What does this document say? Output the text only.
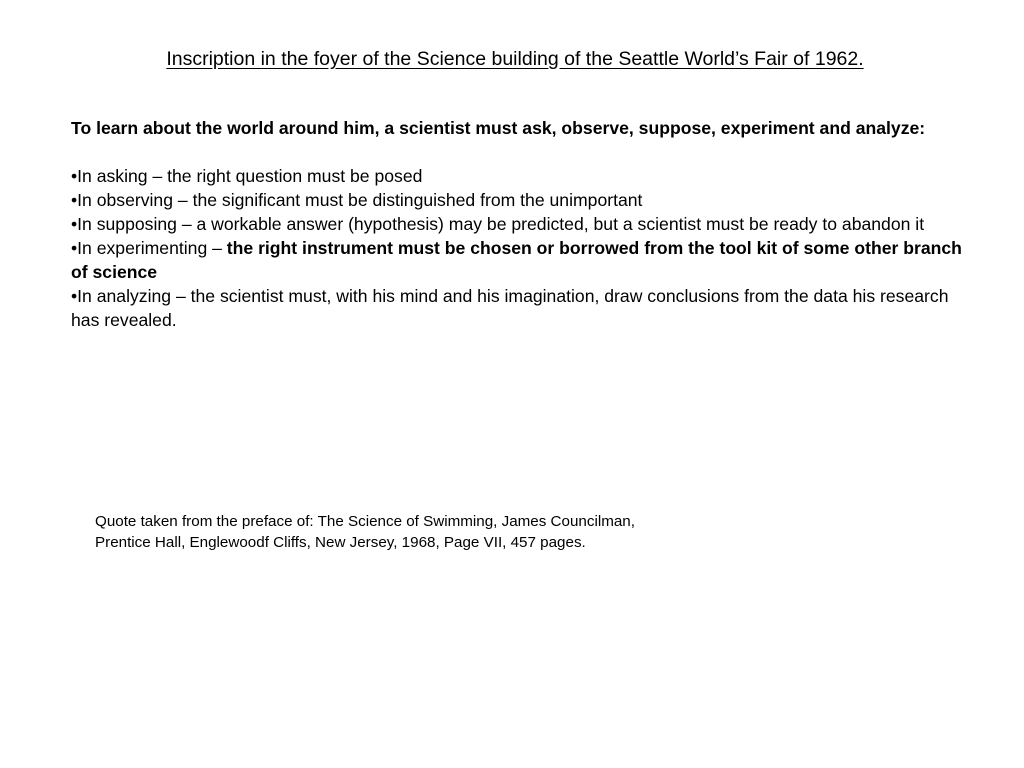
Inscription in the foyer of the Science building of the Seattle World’s Fair of 1962.

To learn about the world around him, a scientist must ask, observe, suppose, experiment and analyze:

•In asking – the right question must be posed

•In observing – the significant must be distinguished from the unimportant

•In supposing – a workable answer (hypothesis) may be predicted, but a scientist must be ready to abandon it

•In experimenting – the right instrument must be chosen or borrowed from the tool kit of some other branch of science

•In analyzing – the scientist must, with his mind and his imagination, draw conclusions from the data his research has revealed.

Quote taken from the preface of: The Science of Swimming, James Councilman,
Prentice Hall, Englewoodf Cliffs, New Jersey, 1968, Page VII, 457 pages.
